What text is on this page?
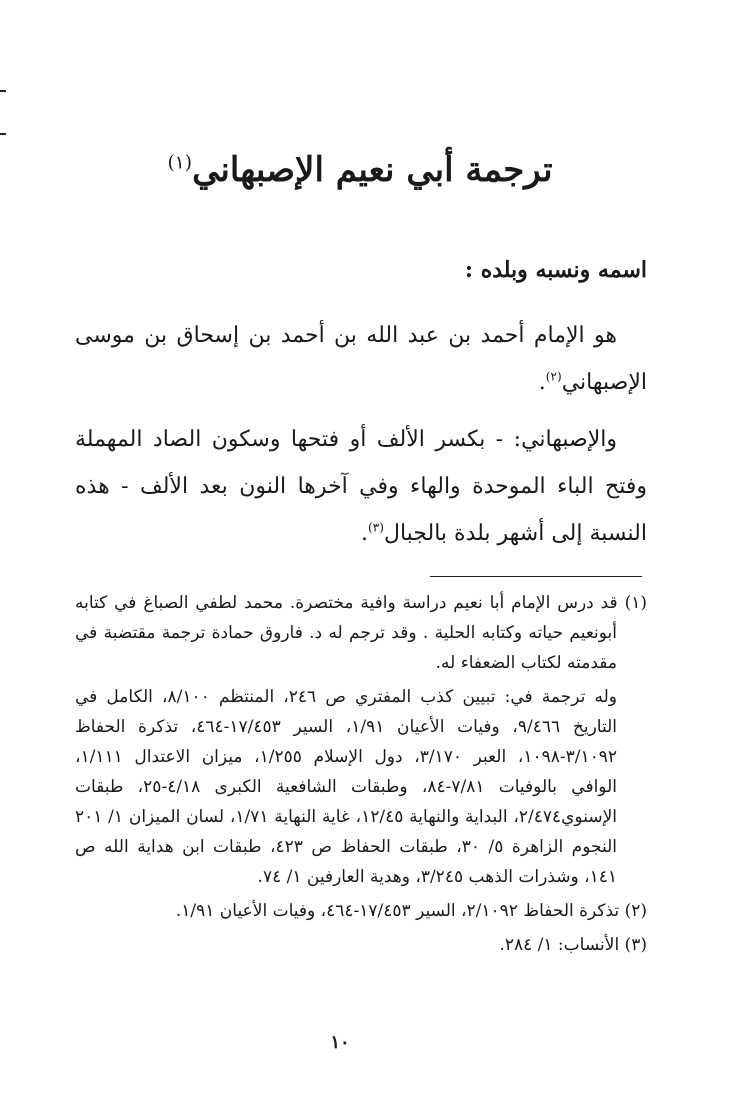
ترجمة أبي نعيم الإصبهاني$^{(١)}$
اسمه ونسبه وبلده :

هو الإمام أحمد بن عبد الله بن أحمد بن إسحاق بن موسى الإصبهاني$^{(٢)}$.

والإصبهاني: - بكسر الألف أو فتحها وسكون الصاد المهملة وفتح الباء الموحدة والهاء وفي آخرها النون بعد الألف - هذه النسبة إلى أشهر بلدة بالجبال$^{(٣)}$.

(١) قد درس الإمام أبا نعيم دراسة وافية مختصرة. محمد لطفي الصباغ في كتابه أبونعيم حياته وكتابه الحلية . وقد ترجم له د. فاروق حمادة ترجمة مقتضبة في مقدمته لكتاب الضعفاء له.

وله ترجمة في: تبيين كذب المفتري ص ٢٤٦، المنتظم ٨/١٠٠، الكامل في التاريخ ٩/٤٦٦، وفيات الأعيان ١/٩١، السير ١٧/٤٥٣-٤٦٤، تذكرة الحفاظ ٣/١٠٩٢-١٠٩٨، العبر ٣/١٧٠، دول الإسلام ١/٢٥٥، ميزان الاعتدال ١/١١١، الوافي بالوفيات ٧/٨١-٨٤، وطبقات الشافعية الكبرى ٤/١٨-٢٥، طبقات الإسنوي٢/٤٧٤، البداية والنهاية ١٢/٤٥، غاية النهاية ١/٧١، لسان الميزان ١/ ٢٠١ النجوم الزاهرة ٥/ ٣٠، طبقات الحفاظ ص ٤٢٣، طبقات ابن هداية الله ص ١٤١، وشذرات الذهب ٣/٢٤٥، وهدية العارفين ١/ ٧٤.

(٢) تذكرة الحفاظ ٢/١٠٩٢، السير ١٧/٤٥٣-٤٦٤، وفيات الأعيان ١/٩١.

(٣) الأنساب: ١/ ٢٨٤.

١٠
